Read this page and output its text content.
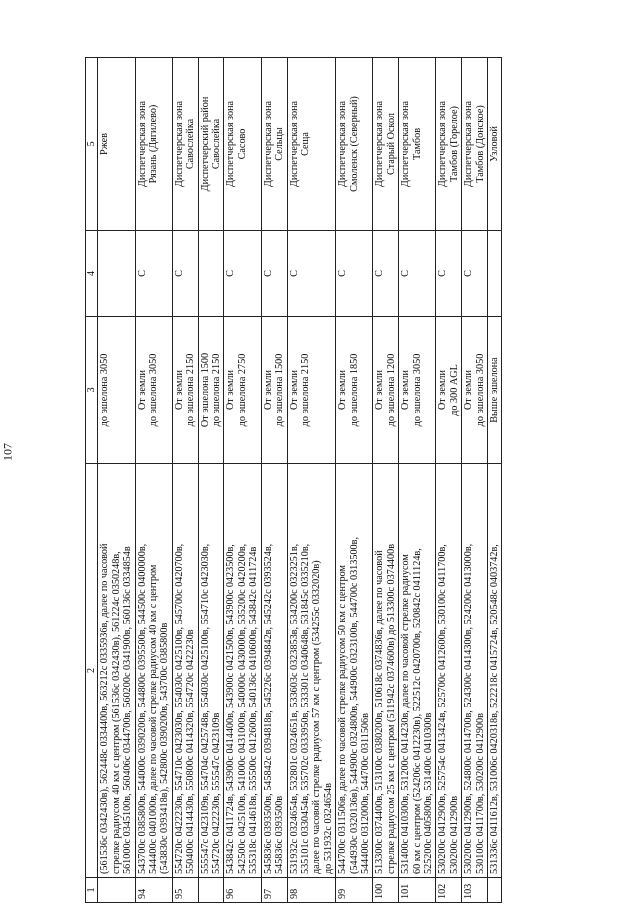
107
1	2	3	4	5

	(561536с 0342430в), 562448с 0334400в, 563212с 0335936в, далее по часовой стрелке радиусом 40 км с центром (561536с 0342430в), 561224с 0350248в, 561000с 0345100в, 560406с 0344700в, 560200с 0341900в, 560136с 0334854в	до эшелона 3050		Ржев

94	543700с 0385800в, 544000с 0390200в, 544800с 0395500в, 544500с 0400000в, 544400с 0401000в, далее по часовой стрелке радиусом 40 км с центром (543830с 0393418в), 542800с 0390200в, 543700с 0385800в	От земли до эшелона 3050	С	Диспетчерская зона Рязань (Дягилево)

95	554720с 0422230в, 554710с 0423030в, 554030с 0425100в, 545700с 0420700в, 550400с 0414430в, 550800с 0414320в, 554720с 0422230в	От земли до эшелона 2150	С	Диспетчерская зона Савослейка

	555547с 0423109в, 554704с 0425748в, 554030с 0425100в, 554710с 0423030в, 554720с 0422230в, 555547с 0423109в	От эшелона 1500 до эшелона 2150		Диспетчерский район Савослейка

96	543842с 0411724в, 543900с 0414400в, 543900с 0421500в, 543900с 0423500в, 542500с 0425100в, 541000с 0431000в, 540000с 0430000в, 535200с 0420200в, 535318с 0414618в, 535500с 0412600в, 540136с 0410600в, 543842с 0411724в	От земли до эшелона 2750	С	Диспетчерская зона Сасово

97	545836с 0393500в, 545842с 0394818в, 545226с 0394842в, 545242с 0393524в, 545836с 0393500в	От земли до эшелона 1500	С	Диспетчерская зона Сельцы

98	531932с 0324654в, 532801с 0324651в, 533603с 0323853в, 534200с 0323251в, 535101с 0330454в, 535702с 0333950в, 533301с 0340648в, 531845с 0335210в, далее по часовой стрелке радиусом 57 км с центром (534255с 0332020в) до 531932с 0324654в	От земли до эшелона 2150	С	Диспетчерская зона Сеща

99	544700с 0311506в, далее по часовой стрелке радиусом 50 км с центром (544930с 0320136в), 544900с 0324800в, 544900с 0323100в, 544700с 0313500в, 544400с 0312000в, 544700с 0311506в	От земли до эшелона 1850	С	Диспетчерская зона Смоленск (Северный)

100	513300с 0374400в, 513100с 0380200в, 510618с 0374836в, далее по часовой стрелке радиусом 25 км с центром (511942с 0374600в) до 513300с 0374400в	От земли до эшелона 1200	С	Диспетчерская зона Старый Оскол

101	531400с 0410300в, 531200с 0414230в, далее по часовой стрелке радиусом 60 км с центром (524206с 0412230в), 522512с 0420700в, 520842с 0411124в, 525200с 0405800в, 531400с 0410300в	От земли до эшелона 3050	С	Диспетчерская зона Тамбов

102	530200с 0412900в, 525754с 0413424в, 525700с 0412600в, 530100с 0411700в, 530200с 0412900в	От земли до 300 AGL	С	Диспетчерская зона Тамбов (Горелое)

103	530200с 0412900в, 524800с 0414700в, 524300с 0414300в, 524200с 0413000в, 530100с 0411700в, 530200с 0412900в	От земли до эшелона 3050	С	Диспетчерская зона Тамбов (Донское)

	531336с 0411612в, 531006с 0420318в, 522218с 0415724в, 520548с 0403742в,	Выше эшелона		Узловой
